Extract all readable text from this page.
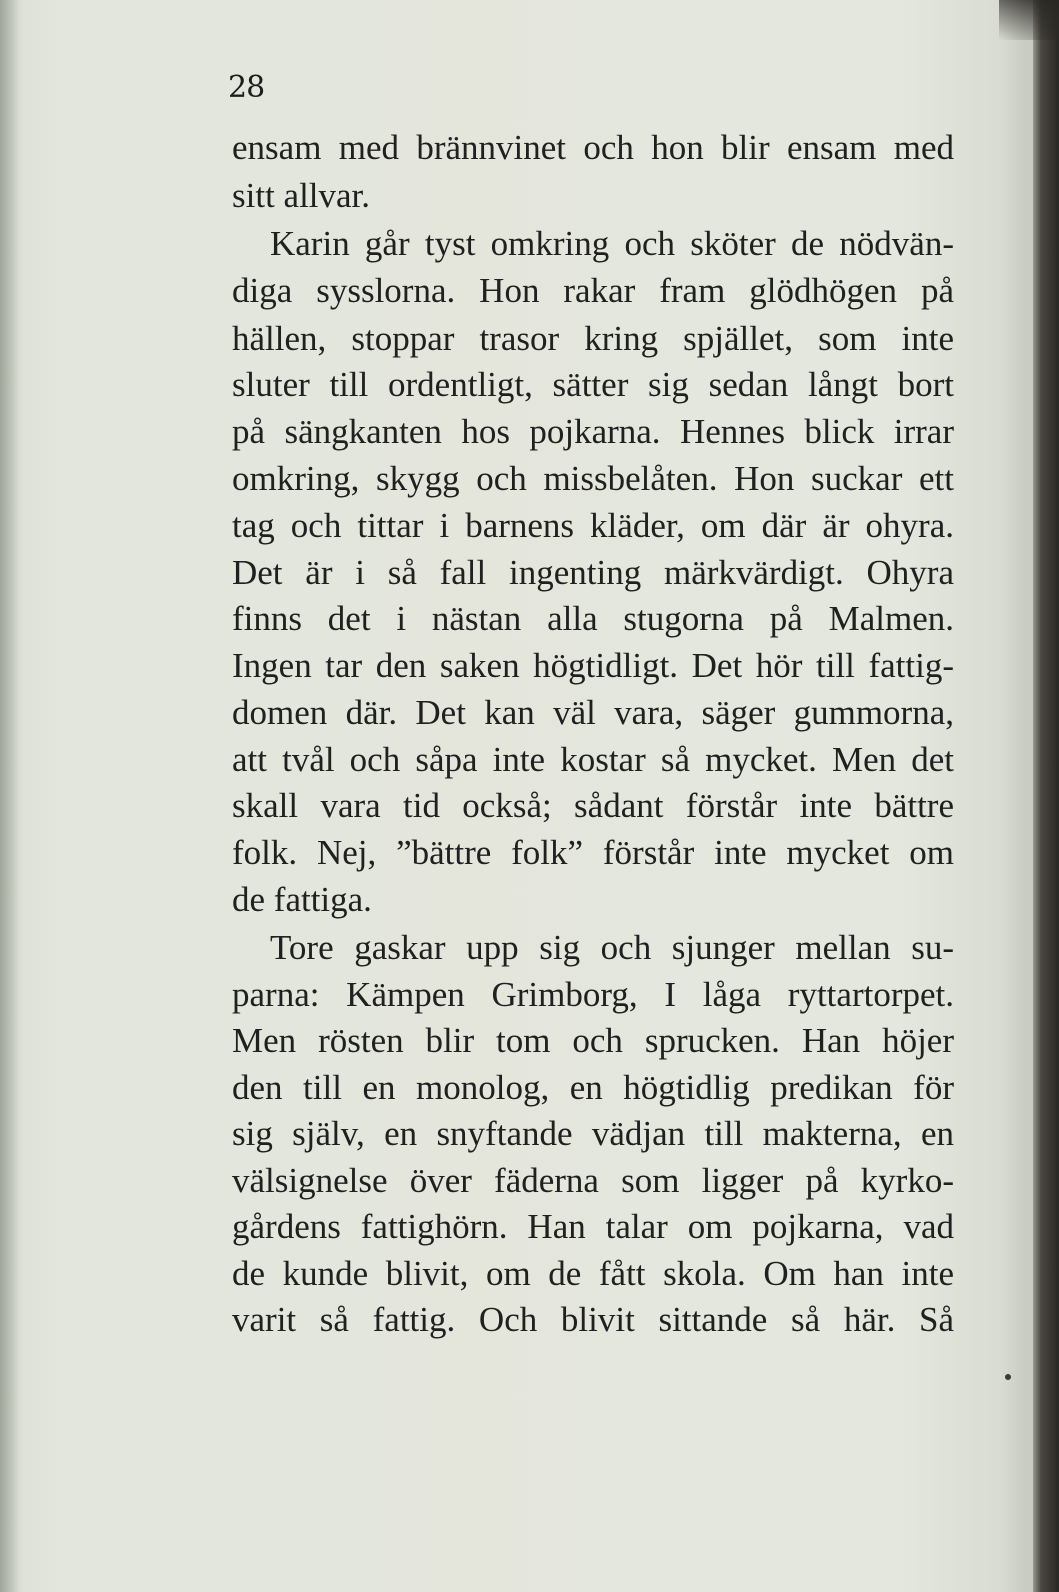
28
ensam med brännvinet och hon blir ensam med
sitt allvar.
Karin går tyst omkring och sköter de nödvän-
diga sysslorna. Hon rakar fram glödhögen på
hällen, stoppar trasor kring spjället, som inte
sluter till ordentligt, sätter sig sedan långt bort
på sängkanten hos pojkarna. Hennes blick irrar
omkring, skygg och missbelåten. Hon suckar ett
tag och tittar i barnens kläder, om där är ohyra.
Det är i så fall ingenting märkvärdigt. Ohyra
finns det i nästan alla stugorna på Malmen.
Ingen tar den saken högtidligt. Det hör till fattig-
domen där. Det kan väl vara, säger gummorna,
att tvål och såpa inte kostar så mycket. Men det
skall vara tid också; sådant förstår inte bättre
folk. Nej, ”bättre folk” förstår inte mycket om
de fattiga.
Tore gaskar upp sig och sjunger mellan su-
parna: Kämpen Grimborg, I låga ryttartorpet.
Men rösten blir tom och sprucken. Han höjer
den till en monolog, en högtidlig predikan för
sig själv, en snyftande vädjan till makterna, en
välsignelse över fäderna som ligger på kyrko-
gårdens fattighörn. Han talar om pojkarna, vad
de kunde blivit, om de fått skola. Om han inte
varit så fattig. Och blivit sittande så här. Så
